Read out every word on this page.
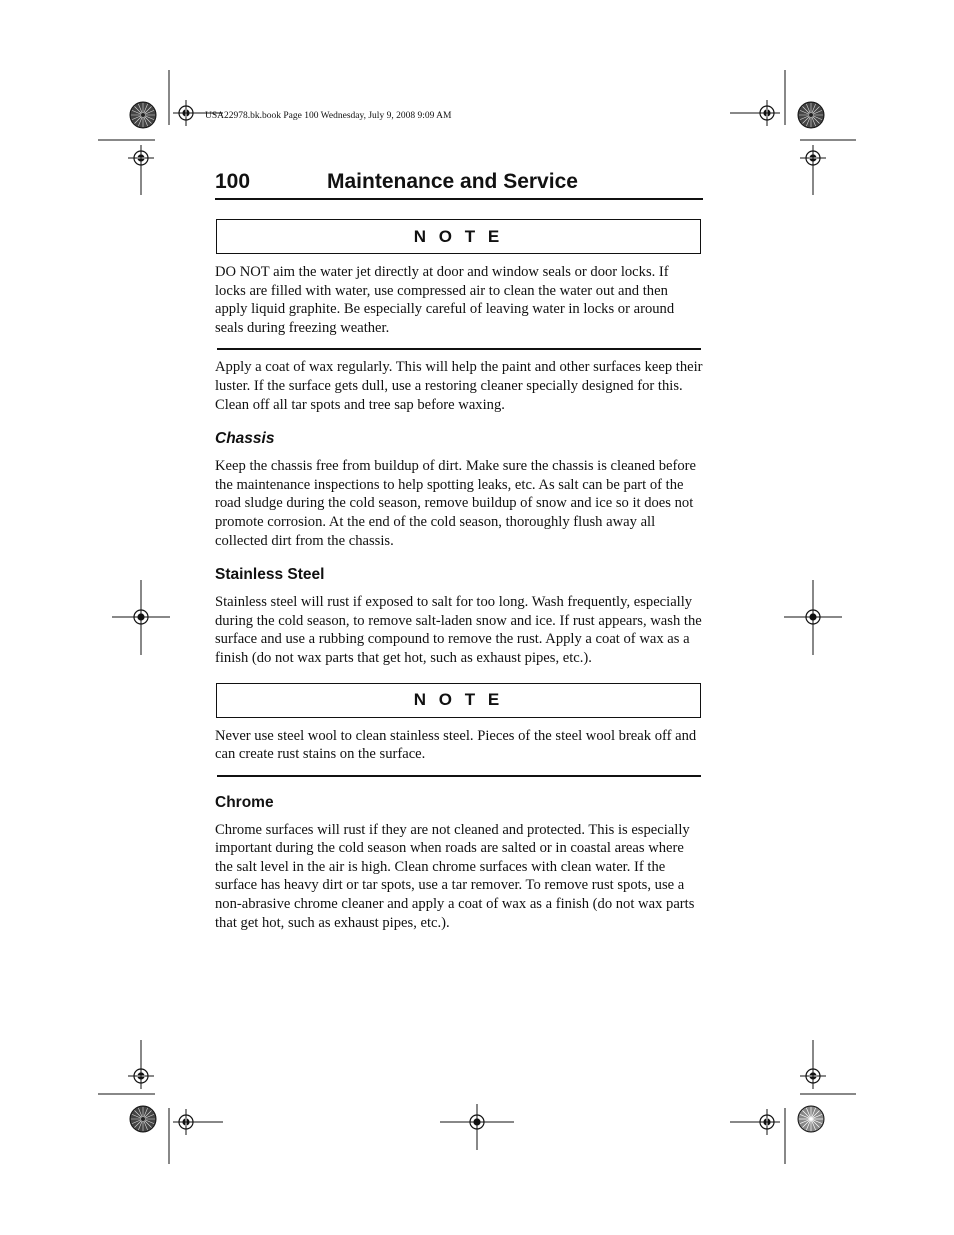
USA22978.bk.book Page 100 Wednesday, July 9, 2008 9:09 AM
100	Maintenance and Service
N O T E

DO NOT aim the water jet directly at door and window seals or door locks. If locks are filled with water, use compressed air to clean the water out and then apply liquid graphite. Be especially careful of leaving water in locks or around seals during freezing weather.

Apply a coat of wax regularly. This will help the paint and other surfaces keep their luster. If the surface gets dull, use a restoring cleaner specially designed for this. Clean off all tar spots and tree sap before waxing.

Chassis

Keep the chassis free from buildup of dirt. Make sure the chassis is cleaned before the maintenance inspections to help spotting leaks, etc. As salt can be part of the road sludge during the cold season, remove buildup of snow and ice so it does not promote corrosion. At the end of the cold season, thoroughly flush away all collected dirt from the chassis.

Stainless Steel

Stainless steel will rust if exposed to salt for too long. Wash frequently, especially during the cold season, to remove salt-laden snow and ice. If rust appears, wash the surface and use a rubbing compound to remove the rust. Apply a coat of wax as a finish (do not wax parts that get hot, such as exhaust pipes, etc.).

N O T E

Never use steel wool to clean stainless steel. Pieces of the steel wool break off and can create rust stains on the surface.

Chrome

Chrome surfaces will rust if they are not cleaned and protected. This is especially important during the cold season when roads are salted or in coastal areas where the salt level in the air is high. Clean chrome surfaces with clean water. If the surface has heavy dirt or tar spots, use a tar remover. To remove rust spots, use a non-abrasive chrome cleaner and apply a coat of wax as a finish (do not wax parts that get hot, such as exhaust pipes, etc.).
